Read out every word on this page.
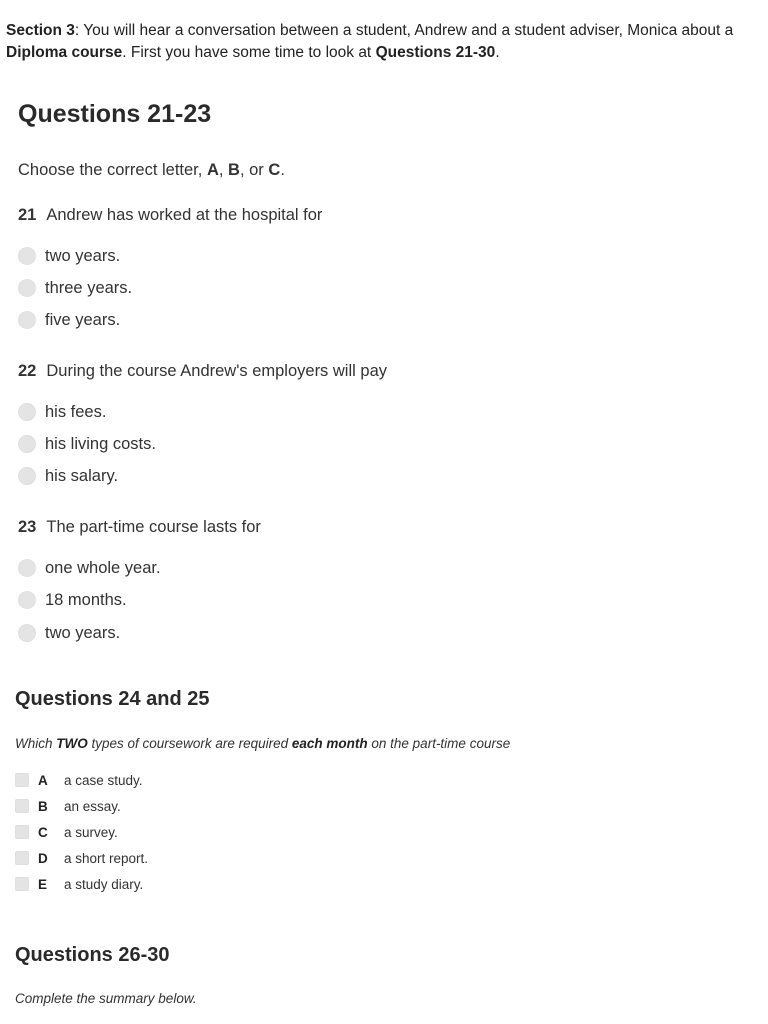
Section 3: You will hear a conversation between a student, Andrew and a student adviser, Monica about a Diploma course. First you have some time to look at Questions 21-30.
Questions 21-23
Choose the correct letter, A, B, or C.
21 Andrew has worked at the hospital for
two years.
three years.
five years.
22 During the course Andrew's employers will pay
his fees.
his living costs.
his salary.
23 The part-time course lasts for
one whole year.
18 months.
two years.
Questions 24 and 25
Which TWO types of coursework are required each month on the part-time course
A	a case study.
B	an essay.
C	a survey.
D	a short report.
E	a study diary.
Questions 26-30
Complete the summary below.
